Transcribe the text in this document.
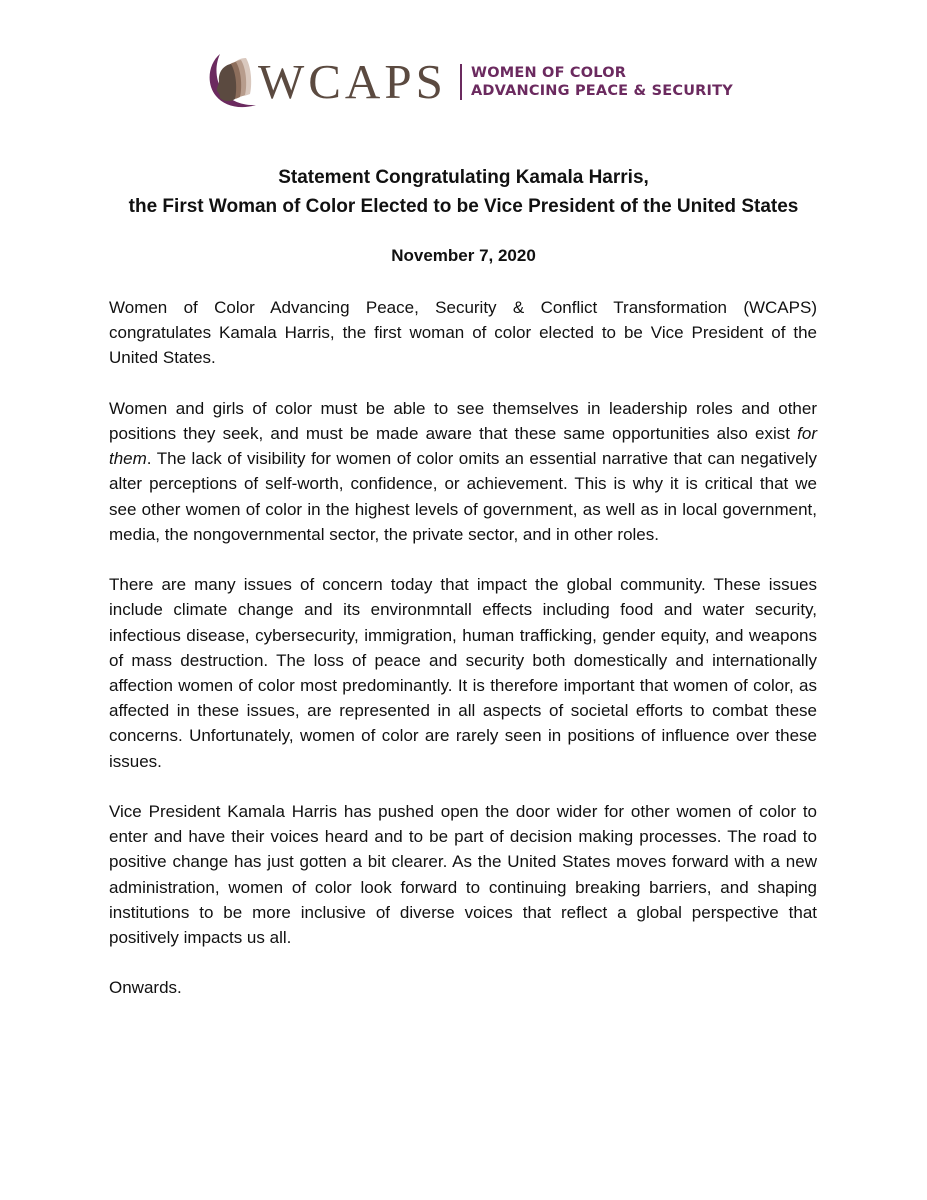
WCAPS WOMEN OF COLOR
ADVANCING PEACE & SECURITY
Statement Congratulating Kamala Harris,
the First Woman of Color Elected to be Vice President of the United States
November 7, 2020

Women of Color Advancing Peace, Security & Conflict Transformation (WCAPS) congratulates Kamala Harris, the first woman of color elected to be Vice President of the United States.

Women and girls of color must be able to see themselves in leadership roles and other positions they seek, and must be made aware that these same opportunities also exist for them. The lack of visibility for women of color omits an essential narrative that can negatively alter perceptions of self-worth, confidence, or achievement. This is why it is critical that we see other women of color in the highest levels of government, as well as in local government, media, the nongovernmental sector, the private sector, and in other roles.

There are many issues of concern today that impact the global community. These issues include climate change and its environmntall effects including food and water security, infectious disease, cybersecurity, immigration, human trafficking, gender equity, and weapons of mass destruction. The loss of peace and security both domestically and internationally affection women of color most predominantly. It is therefore important that women of color, as affected in these issues, are represented in all aspects of societal efforts to combat these concerns. Unfortunately, women of color are rarely seen in positions of influence over these issues.

Vice President Kamala Harris has pushed open the door wider for other women of color to enter and have their voices heard and to be part of decision making processes. The road to positive change has just gotten a bit clearer. As the United States moves forward with a new administration, women of color look forward to continuing breaking barriers, and shaping institutions to be more inclusive of diverse voices that reflect a global perspective that positively impacts us all.

Onwards.
